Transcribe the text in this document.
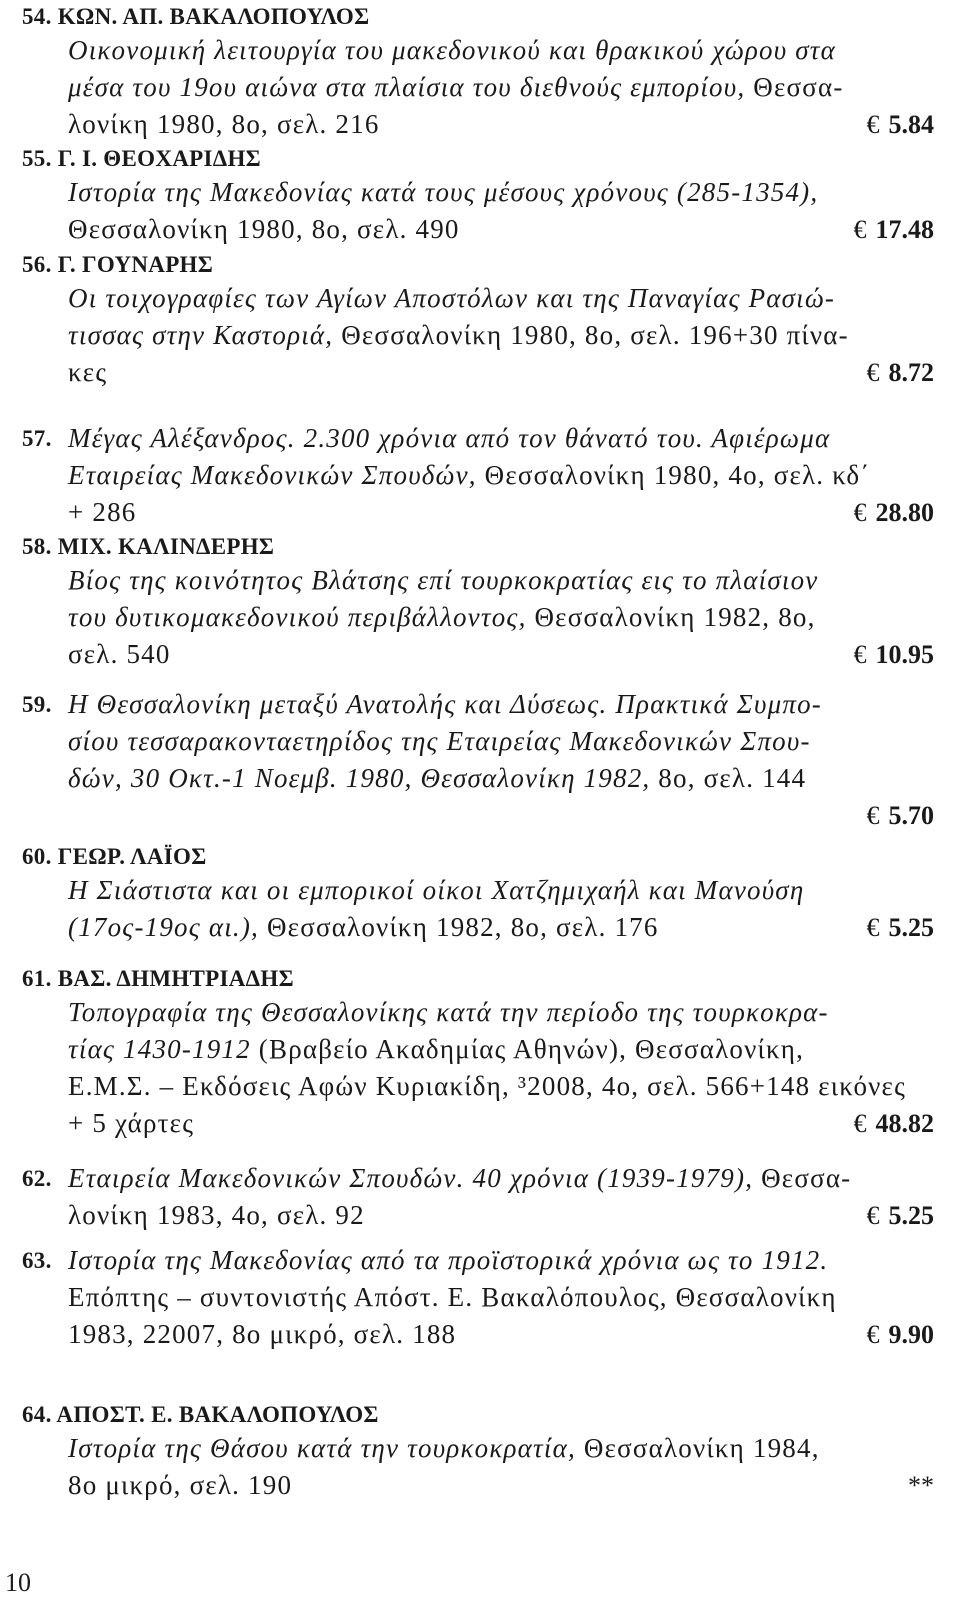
54. ΚΩΝ. ΑΠ. ΒΑΚΑΛΟΠΟΥΛΟΣ
Οικονομική λειτουργία του μακεδονικού και θρακικού χώρου στα
μέσα του 19ου αιώνα στα πλαίσια του διεθνούς εμπορίου, Θεσσα-
λονίκη 1980, 8ο, σελ. 216	€ 5.84
55. Γ. Ι. ΘΕΟΧΑΡΙΔΗΣ
Ιστορία της Μακεδονίας κατά τους μέσους χρόνους (285-1354),
Θεσσαλονίκη 1980, 8ο, σελ. 490	€ 17.48
56. Γ. ΓΟΥΝΑΡΗΣ
Οι τοιχογραφίες των Αγίων Αποστόλων και της Παναγίας Ρασιώ-
τισσας στην Καστοριά, Θεσσαλονίκη 1980, 8ο, σελ. 196+30 πίνα-
κες	€ 8.72
57. Μέγας Αλέξανδρος. 2.300 χρόνια από τον θάνατό του. Αφιέρωμα
Εταιρείας Μακεδονικών Σπουδών, Θεσσαλονίκη 1980, 4ο, σελ. κδ΄
+ 286	€ 28.80
58. ΜΙΧ. ΚΑΛΙΝΔΕΡΗΣ
Βίος της κοινότητος Βλάτσης επί τουρκοκρατίας εις το πλαίσιον
του δυτικομακεδονικού περιβάλλοντος, Θεσσαλονίκη 1982, 8ο,
σελ. 540	€ 10.95
59. Η Θεσσαλονίκη μεταξύ Ανατολής και Δύσεως. Πρακτικά Συμπο-
σίου τεσσαρακονταετηρίδος της Εταιρείας Μακεδονικών Σπου-
δών, 30 Οκτ.-1 Νοεμβ. 1980, Θεσσαλονίκη 1982, 8ο, σελ. 144
€ 5.70
60. ΓΕΩΡ. ΛΑΪΟΣ
Η Σιάστιστα και οι εμπορικοί οίκοι Χατζημιχαήλ και Μανούση
(17ος-19ος αι.), Θεσσαλονίκη 1982, 8ο, σελ. 176	€ 5.25
61. ΒΑΣ. ΔΗΜΗΤΡΙΑΔΗΣ
Τοπογραφία της Θεσσαλονίκης κατά την περίοδο της τουρκοκρα-
τίας 1430-1912 (Βραβείο Ακαδημίας Αθηνών), Θεσσαλονίκη,
Ε.Μ.Σ. – Εκδόσεις Αφών Κυριακίδη, ³2008, 4ο, σελ. 566+148 εικόνες
+ 5 χάρτες	€ 48.82
62. Εταιρεία Μακεδονικών Σπουδών. 40 χρόνια (1939-1979), Θεσσα-
λονίκη 1983, 4ο, σελ. 92	€ 5.25
63. Ιστορία της Μακεδονίας από τα προϊστορικά χρόνια ως το 1912.
Επόπτης – συντονιστής Απόστ. Ε. Βακαλόπουλος, Θεσσαλονίκη
1983, 22007, 8ο μικρό, σελ. 188	€ 9.90
64. ΑΠΟΣΤ. Ε. ΒΑΚΑΛΟΠΟΥΛΟΣ
Ιστορία της Θάσου κατά την τουρκοκρατία, Θεσσαλονίκη 1984,
8ο μικρό, σελ. 190	**
10
